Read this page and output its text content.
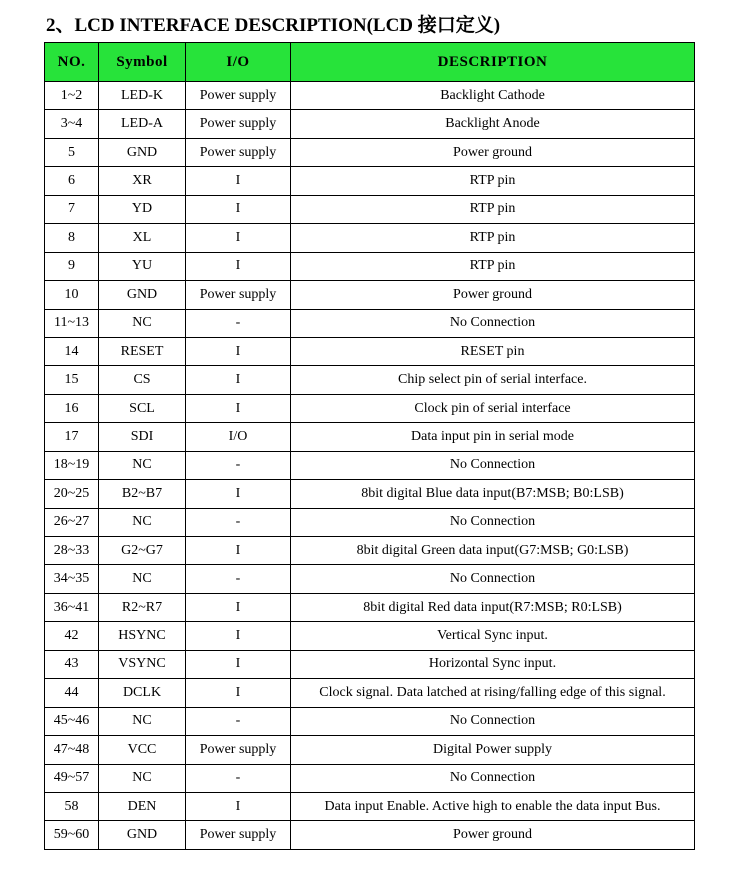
2、LCD INTERFACE DESCRIPTION(LCD 接口定义)
NO.	Symbol	I/O	DESCRIPTION
1~2	LED-K	Power supply	Backlight Cathode
3~4	LED-A	Power supply	Backlight Anode
5	GND	Power supply	Power ground
6	XR	I	RTP pin
7	YD	I	RTP pin
8	XL	I	RTP pin
9	YU	I	RTP pin
10	GND	Power supply	Power ground
11~13	NC	-	No Connection
14	RESET	I	RESET pin
15	CS	I	Chip select pin of serial interface.
16	SCL	I	Clock pin of serial interface
17	SDI	I/O	Data input pin in serial mode
18~19	NC	-	No Connection
20~25	B2~B7	I	8bit digital Blue data input(B7:MSB; B0:LSB)
26~27	NC	-	No Connection
28~33	G2~G7	I	8bit digital Green data input(G7:MSB; G0:LSB)
34~35	NC	-	No Connection
36~41	R2~R7	I	8bit digital Red data input(R7:MSB; R0:LSB)
42	HSYNC	I	Vertical Sync input.
43	VSYNC	I	Horizontal Sync input.
44	DCLK	I	Clock signal. Data latched at rising/falling edge of this signal.
45~46	NC	-	No Connection
47~48	VCC	Power supply	Digital Power supply
49~57	NC	-	No Connection
58	DEN	I	Data input Enable. Active high to enable the data input Bus.
59~60	GND	Power supply	Power ground
